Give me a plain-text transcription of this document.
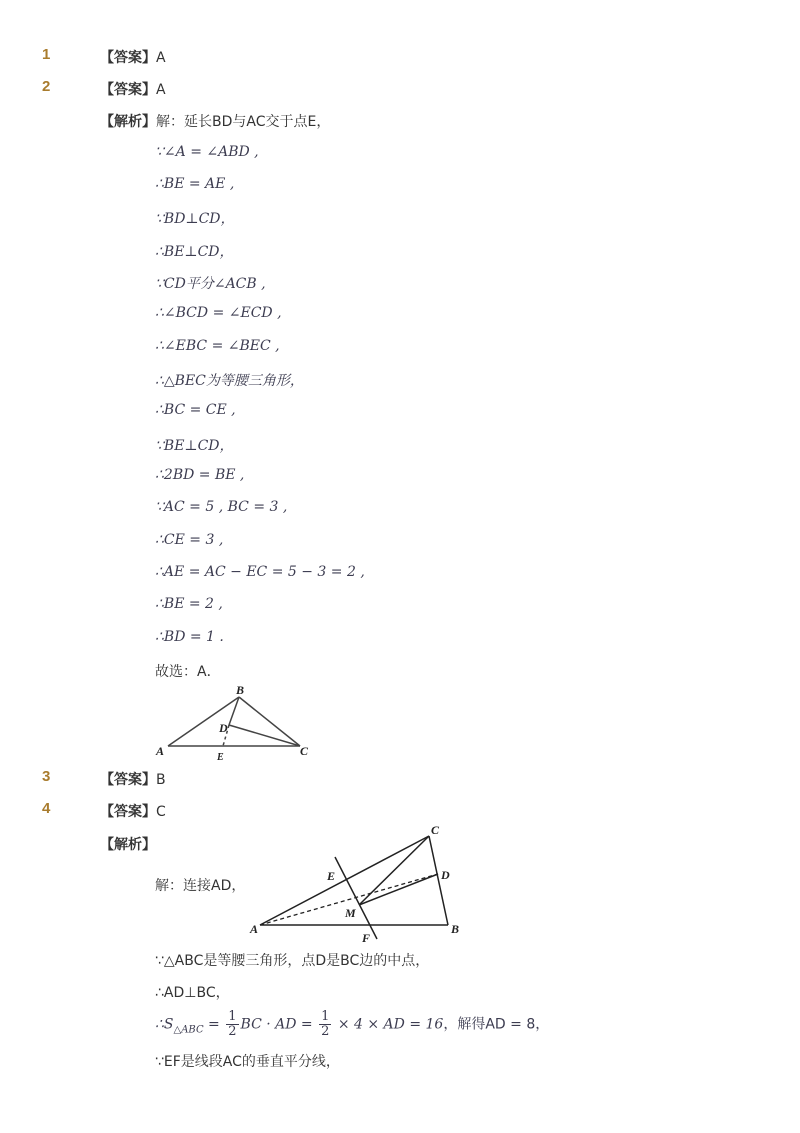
1	【答案】A
2	【答案】A
【解析】解：延长BD与AC交于点E，
∵∠A = ∠ABD ,
∴BE = AE ,
∵BD⊥CD，
∴BE⊥CD，
∵CD平分∠ACB ,
∴∠BCD = ∠ECD ,
∴∠EBC = ∠BEC ,
∴△BEC为等腰三角形，
∴BC = CE ,
∵BE⊥CD，
∴2BD = BE ,
∵AC = 5 , BC = 3 ,
∴CE = 3 ,
∴AE = AC − EC = 5 − 3 = 2 ,
∴BE = 2 ,
∴BD = 1 .
故选：A．
A
B
C
D
E
3	【答案】B
4	【答案】C
【解析】
解：连接AD，
A	B
C
D
E
F
M
∵△ABC是等腰三角形，点D是BC边的中点，
∴AD⊥BC，
$\therefore S_{\triangle ABC} = \frac{1}{2}$ BC · AD = $\frac{1}{2} \times 4$ × AD = 16，解得AD = 8，
∵EF是线段AC的垂直平分线，
